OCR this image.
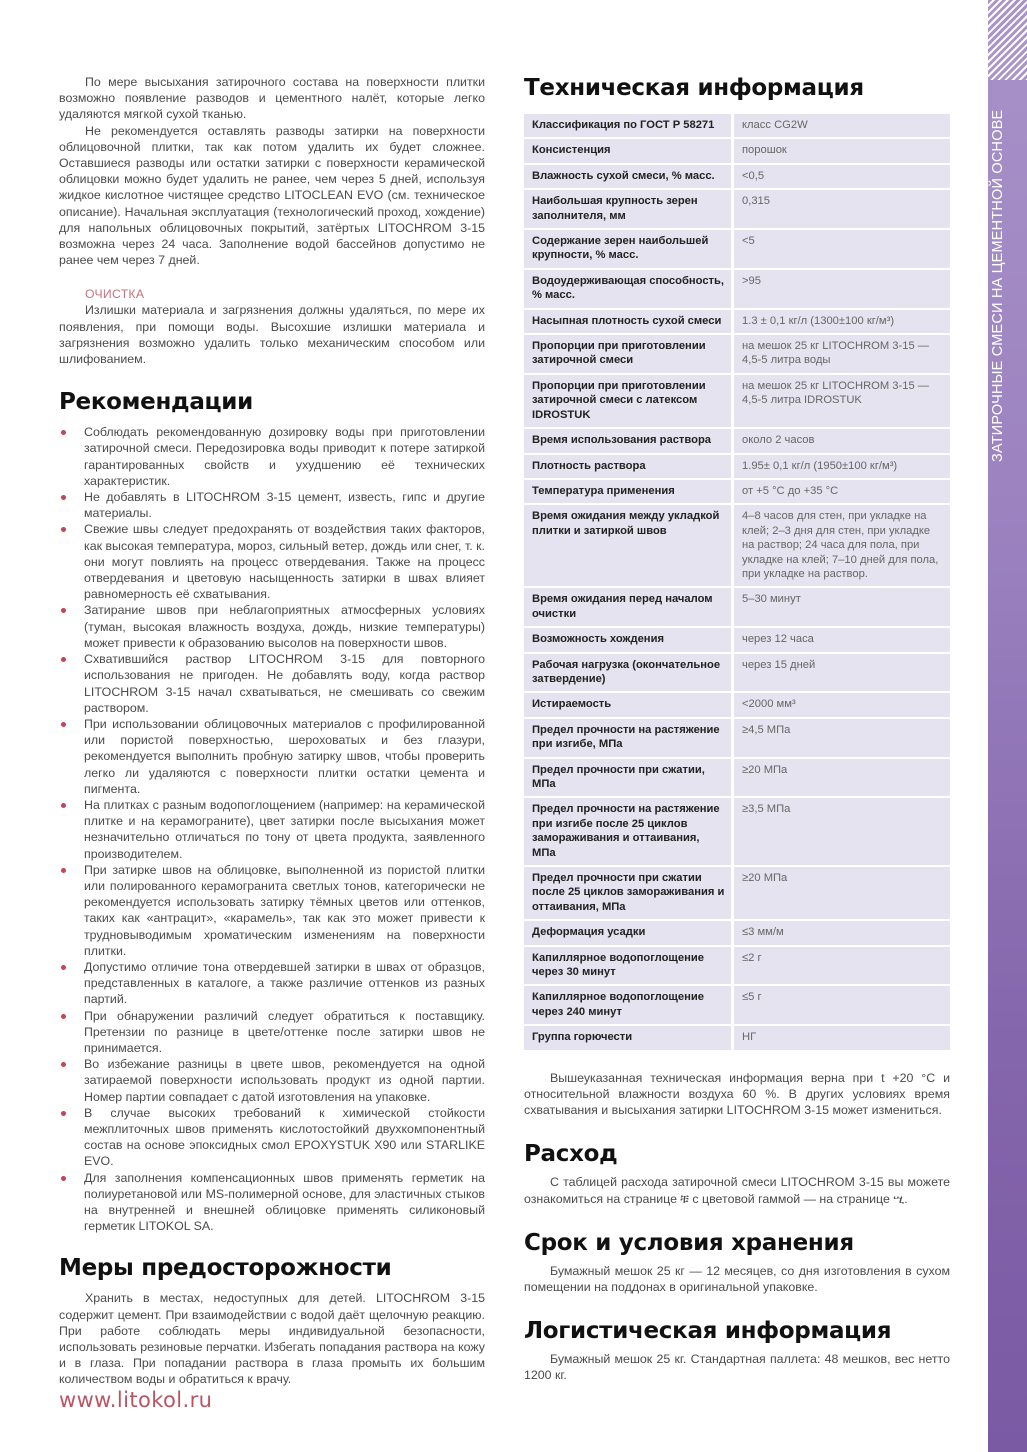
По мере высыхания затирочного состава на поверхности плитки возможно появление разводов и цементного налёт, которые легко удаляются мягкой сухой тканью.

Не рекомендуется оставлять разводы затирки на поверхности облицовочной плитки, так как потом удалить их будет сложнее. Оставшиеся разводы или остатки затирки с поверхности керамической облицовки можно будет удалить не ранее, чем через 5 дней, используя жидкое кислотное чистящее средство LITOCLEAN EVO (см. техническое описание). Начальная эксплуатация (технологический проход, хождение) для напольных облицовочных покрытий, затёртых LITOCHROM 3-15 возможна через 24 часа. Заполнение водой бассейнов допустимо не ранее чем через 7 дней.

ОЧИСТКА

Излишки материала и загрязнения должны удаляться, по мере их появления, при помощи воды. Высохшие излишки материала и загрязнения возможно удалить только механическим способом или шлифованием.

Рекомендации
Соблюдать рекомендованную дозировку воды при приготовлении затирочной смеси. Передозировка воды приводит к потере затиркой гарантированных свойств и ухудшению её технических характеристик.
Не добавлять в LITOCHROM 3-15 цемент, известь, гипс и другие материалы.
Свежие швы следует предохранять от воздействия таких факторов, как высокая температура, мороз, сильный ветер, дождь или снег, т. к. они могут повлиять на процесс отвердевания. Также на процесс отвердевания и цветовую насыщенность затирки в швах влияет равномерность её схватывания.
Затирание швов при неблагоприятных атмосферных условиях (туман, высокая влажность воздуха, дождь, низкие температуры) может привести к образованию высолов на поверхности швов.
Схватившийся раствор LITOCHROM 3-15 для повторного использования не пригоден. Не добавлять воду, когда раствор LITOCHROM 3-15 начал схватываться, не смешивать со свежим раствором.
При использовании облицовочных материалов с профилированной или пористой поверхностью, шероховатых и без глазури, рекомендуется выполнить пробную затирку швов, чтобы проверить легко ли удаляются с поверхности плитки остатки цемента и пигмента.
На плитках с разным водопоглощением (например: на керамической плитке и на керамограните), цвет затирки после высыхания может незначительно отличаться по тону от цвета продукта, заявленного производителем.
При затирке швов на облицовке, выполненной из пористой плитки или полированного керамогранита светлых тонов, категорически не рекомендуется использовать затирку тёмных цветов или оттенков, таких как «антрацит», «карамель», так как это может привести к трудновыводимым хроматическим изменениям на поверхности плитки.
Допустимо отличие тона отвердевшей затирки в швах от образцов, представленных в каталоге, а также различие оттенков из разных партий.
При обнаружении различий следует обратиться к поставщику. Претензии по разнице в цвете/оттенке после затирки швов не принимается.
Во избежание разницы в цвете швов, рекомендуется на одной затираемой поверхности использовать продукт из одной партии. Номер партии совпадает с датой изготовления на упаковке.
В случае высоких требований к химической стойкости межплиточных швов применять кислотостойкий двухкомпонентный состав на основе эпоксидных смол EPOXYSTUK X90 или STARLIKE EVO.
Для заполнения компенсационных швов применять герметик на полиуретановой или MS-полимерной основе, для эластичных стыков на внутренней и внешней облицовке применять силиконовый герметик LITOKOL SA.
Меры предосторожности

Хранить в местах, недоступных для детей. LITOCHROM 3-15 содержит цемент. При взаимодействии с водой даёт щелочную реакцию. При работе соблюдать меры индивидуальной безопасности, использовать резиновые перчатки. Избегать попадания раствора на кожу и в глаза. При попадании раствора в глаза промыть их большим количеством воды и обратиться к врачу.

Техническая информация
Классификация по ГОСТ Р 58271	класс CG2W
Консистенция	порошок
Влажность сухой смеси, % масс.	<0,5
Наибольшая крупность зерен заполнителя, мм	0,315
Содержание зерен наибольшей крупности, % масс.	<5
Водоудерживающая способность, % масс.	>95
Насыпная плотность сухой смеси	1.3 ± 0,1 кг/л (1300±100 кг/м³)
Пропорции при приготовлении затирочной смеси	на мешок 25 кг LITOCHROM 3-15 — 4,5-5 литра воды
Пропорции при приготовлении затирочной смеси с латексом IDROSTUK	на мешок 25 кг LITOCHROM 3-15 — 4,5-5 литра IDROSTUK
Время использования раствора	около 2 часов
Плотность раствора	1.95± 0,1 кг/л (1950±100 кг/м³)
Температура применения	от +5 °С до +35 °С
Время ожидания между укладкой плитки и затиркой швов	4–8 часов для стен, при укладке на клей; 2–3 дня для стен, при укладке на раствор; 24 часа для пола, при укладке на клей; 7–10 дней для пола, при укладке на раствор.
Время ожидания перед началом очистки	5–30 минут
Возможность хождения	через 12 часа
Рабочая нагрузка (окончательное затвердение)	через 15 дней
Истираемость	<2000 мм³
Предел прочности на растяжение при изгибе, МПа	≥4,5 МПа
Предел прочности при сжатии, МПа	≥20 МПа
Предел прочности на растяжение при изгибе после 25 циклов замораживания и оттаивания, МПа	≥3,5 МПа
Предел прочности при сжатии после 25 циклов замораживания и оттаивания, МПа	≥20 МПа
Деформация усадки	≤3 мм/м
Капиллярное водопоглощение через 30 минут	≤2 г
Капиллярное водопоглощение через 240 минут	≤5 г
Группа горючести	НГ

Вышеуказанная техническая информация верна при t +20 °С и относительной влажности воздуха 60 %. В других условиях время схватывания и высыхания затирки LITOCHROM 3-15 может измениться.

Расход

С таблицей расхода затирочной смеси LITOCHROM 3-15 вы можете ознакомиться на странице ቹ с цветовой гаммой — на странице ሢ.

Срок и условия хранения

Бумажный мешок 25 кг — 12 месяцев, со дня изготовления в сухом помещении на поддонах в оригинальной упаковке.

Логистическая информация

Бумажный мешок 25 кг. Стандартная паллета: 48 мешков, вес нетто 1200 кг.

www.litokol.ru
